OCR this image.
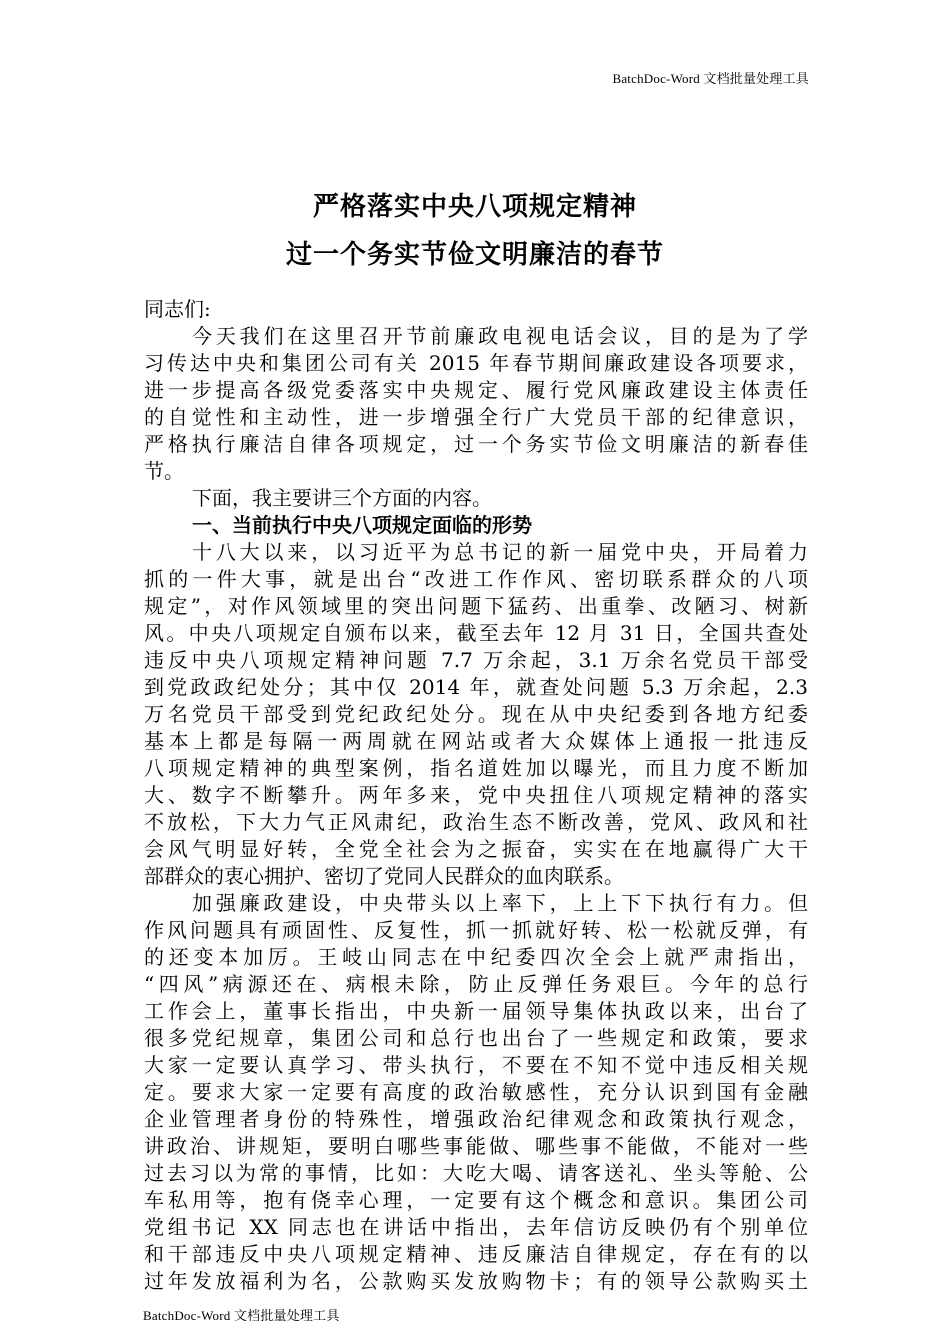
BatchDoc-Word 文档批量处理工具
严格落实中央八项规定精神
过一个务实节俭文明廉洁的春节
同志们:
今天我们在这里召开节前廉政电视电话会议，目的是为了学
习传达中央和集团公司有关 2015 年春节期间廉政建设各项要求，
进一步提高各级党委落实中央规定、履行党风廉政建设主体责任
的自觉性和主动性，进一步增强全行广大党员干部的纪律意识，
严格执行廉洁自律各项规定，过一个务实节俭文明廉洁的新春佳
节。
下面，我主要讲三个方面的内容。
一、当前执行中央八项规定面临的形势
十八大以来，以习近平为总书记的新一届党中央，开局着力
抓的一件大事，就是出台“改进工作作风、密切联系群众的八项
规定”，对作风领域里的突出问题下猛药、出重拳、改陋习、树新
风。中央八项规定自颁布以来，截至去年 12 月 31 日，全国共查处
违反中央八项规定精神问题 7.7 万余起，3.1 万余名党员干部受
到党政政纪处分；其中仅 2014 年，就查处问题 5.3 万余起，2.3
万名党员干部受到党纪政纪处分。现在从中央纪委到各地方纪委
基本上都是每隔一两周就在网站或者大众媒体上通报一批违反
八项规定精神的典型案例，指名道姓加以曝光，而且力度不断加
大、数字不断攀升。两年多来，党中央扭住八项规定精神的落实
不放松，下大力气正风肃纪，政治生态不断改善，党风、政风和社
会风气明显好转，全党全社会为之振奋，实实在在地赢得广大干
部群众的衷心拥护、密切了党同人民群众的血肉联系。
加强廉政建设，中央带头以上率下，上上下下执行有力。但
作风问题具有顽固性、反复性，抓一抓就好转、松一松就反弹，有
的还变本加厉。王岐山同志在中纪委四次全会上就严肃指出，
“四风”病源还在、病根未除，防止反弹任务艰巨。今年的总行
工作会上，董事长指出，中央新一届领导集体执政以来，出台了
很多党纪规章，集团公司和总行也出台了一些规定和政策，要求
大家一定要认真学习、带头执行，不要在不知不觉中违反相关规
定。要求大家一定要有高度的政治敏感性，充分认识到国有金融
企业管理者身份的特殊性，增强政治纪律观念和政策执行观念，
讲政治、讲规矩，要明白哪些事能做、哪些事不能做，不能对一些
过去习以为常的事情，比如：大吃大喝、请客送礼、坐头等舱、公
车私用等，抱有侥幸心理，一定要有这个概念和意识。集团公司
党组书记 XX 同志也在讲话中指出，去年信访反映仍有个别单位
和干部违反中央八项规定精神、违反廉洁自律规定，存在有的以
过年发放福利为名，公款购买发放购物卡；有的领导公款购买土
BatchDoc-Word 文档批量处理工具
